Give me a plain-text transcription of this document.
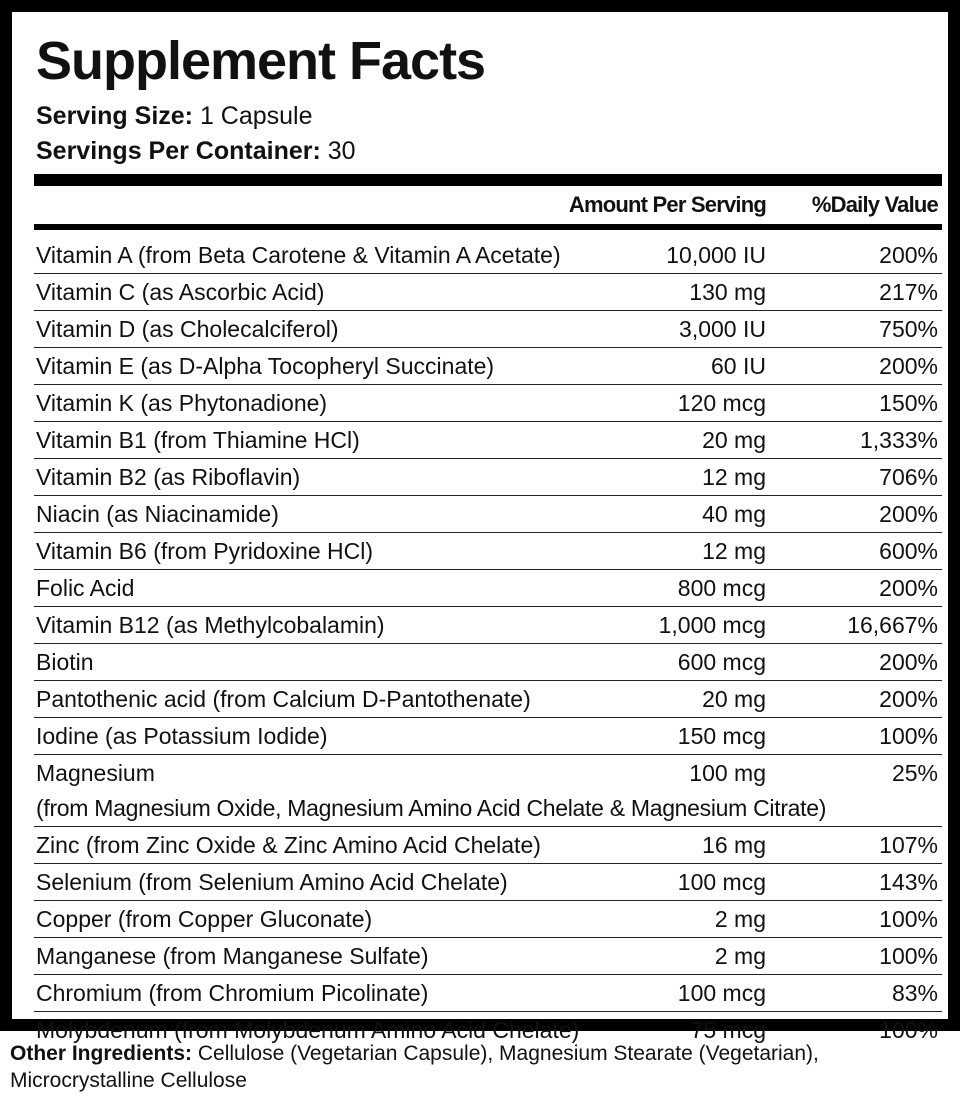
Supplement Facts
Serving Size: 1 Capsule
Servings Per Container: 30
Amount Per Serving %Daily Value
Vitamin A (from Beta Carotene & Vitamin A Acetate)	10,000 IU	200%
Vitamin C (as Ascorbic Acid)	130 mg	217%
Vitamin D (as Cholecalciferol)	3,000 IU	750%
Vitamin E (as D-Alpha Tocopheryl Succinate)	60 IU	200%
Vitamin K (as Phytonadione)	120 mcg	150%
Vitamin B1 (from Thiamine HCl)	20 mg	1,333%
Vitamin B2 (as Riboflavin)	12 mg	706%
Niacin (as Niacinamide)	40 mg	200%
Vitamin B6 (from Pyridoxine HCl)	12 mg	600%
Folic Acid	800 mcg	200%
Vitamin B12 (as Methylcobalamin)	1,000 mcg	16,667%
Biotin	600 mcg	200%
Pantothenic acid (from Calcium D-Pantothenate)	20 mg	200%
Iodine (as Potassium Iodide)	150 mcg	100%
Magnesium	100 mg	25%
(from Magnesium Oxide, Magnesium Amino Acid Chelate & Magnesium Citrate)
Zinc (from Zinc Oxide & Zinc Amino Acid Chelate)	16 mg	107%
Selenium (from Selenium Amino Acid Chelate)	100 mcg	143%
Copper (from Copper Gluconate)	2 mg	100%
Manganese (from Manganese Sulfate)	2 mg	100%
Chromium (from Chromium Picolinate)	100 mcg	83%
Molybdenum (from Molybdenum Amino Acid Chelate)	75 mcg	100%
Other Ingredients: Cellulose (Vegetarian Capsule), Magnesium Stearate (Vegetarian), Microcrystalline Cellulose
